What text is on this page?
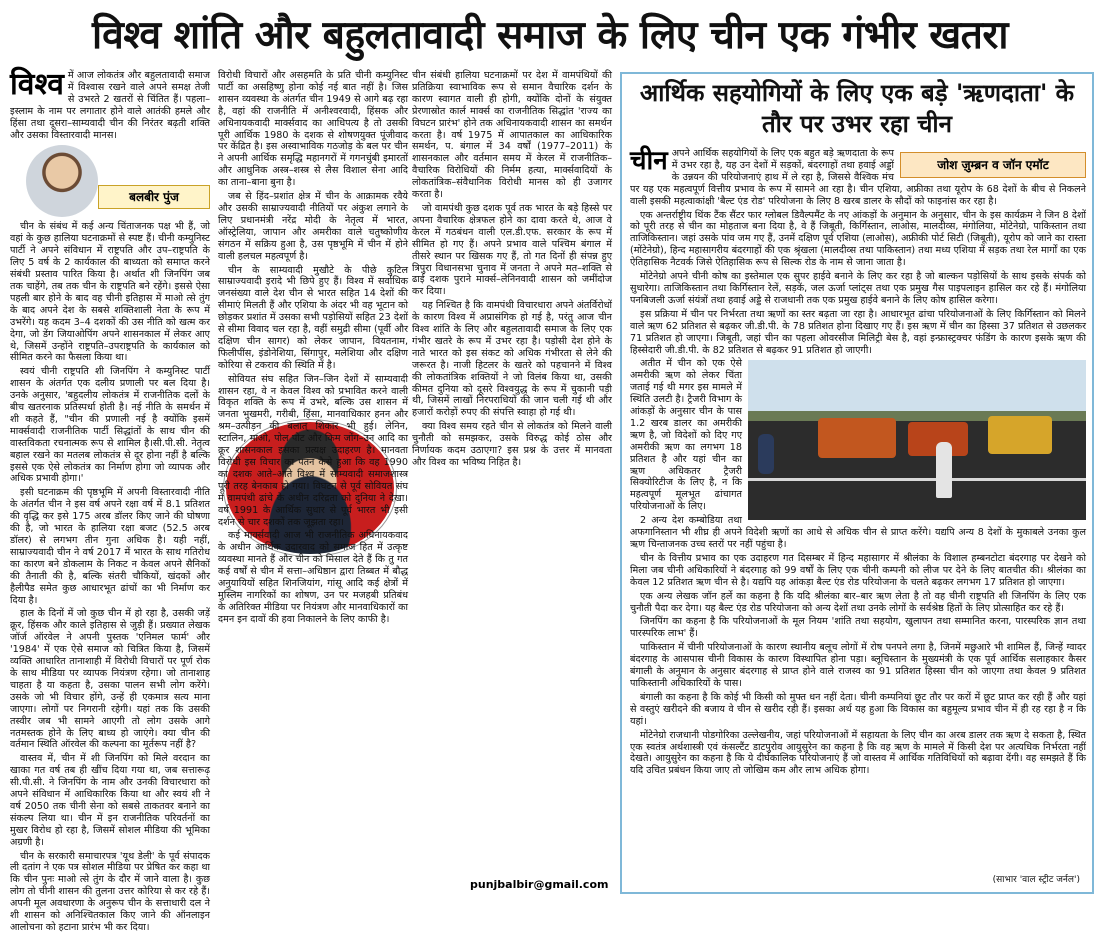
विश्व शांति और बहुलतावादी समाज के लिए चीन एक गंभीर खतरा
विश्व में आज लोकतंत्र और बहुलतावादी समाज में विश्वास रखने वाले अपने समक्ष तेजी से उभरते 2 खतरों से चिंतित हैं। पहला– इस्लाम के नाम पर लगातार होने वाले आतंकी हमले और हिंसा तथा दूसरा–साम्यवादी चीन की निरंतर बढ़ती शक्ति और उसका विस्तारवादी मानस।

बलबीर पुंज

चीन के संबंध में कई अन्य चिंताजनक पक्ष भी हैं, जो वहां के कुछ हालिया घटनाक्रमों से स्पष्ट हैं। चीनी कम्युनिस्ट पार्टी ने अपने संविधान में राष्ट्रपति और उप–राष्ट्रपति के लिए 5 वर्ष के 2 कार्यकाल की बाध्यता को समाप्त करने संबंधी प्रस्ताव पारित किया है। अर्थात शी जिनपिंग जब तक चाहेंगे, तब तक चीन के राष्ट्रपति बने रहेंगे। इससे ऐसा पहली बार होने के बाद वह चीनी इतिहास में माओ त्से तुंग के बाद अपने देश के सबसे शक्तिशाली नेता के रूप में उभरेंगे। यह कदम 3–4 दशकों की उस नीति को खत्म कर देगा, जो डेंग जियाओपिंग अपने शासनकाल में लेकर आए थे, जिसमें उन्होंने राष्ट्रपति–उपराष्ट्रपति के कार्यकाल को सीमित करने का फैसला किया था।

स्वयं चीनी राष्ट्रपति शी जिनपिंग ने कम्युनिस्ट पार्टी शासन के अंतर्गत एक दलीय प्रणाली पर बल दिया है। उनके अनुसार, 'बहुदलीय लोकतंत्र में राजनीतिक दलों के बीच खतरनाक प्रतिस्पर्धा होती है। नई नीति के समर्थन में शी कहते हैं, "चीन की प्रणाली नई है क्योंकि इसमें मार्क्सवादी राजनीतिक पार्टी सिद्धांतों के साथ चीन की वास्तविकता रचनात्मक रूप से शामिल है।सी.पी.सी. नेतृत्व बहाल रखने का मतलब लोकतंत्र से दूर होना नहीं है बल्कि इससे एक ऐसे लोकतंत्र का निर्माण होगा जो व्यापक और अधिक प्रभावी होगा।'

इसी घटनाक्रम की पृष्ठभूमि में अपनी विस्तारवादी नीति के अंतर्गत चीन ने इस वर्ष अपने रक्षा वर्ष में 8.1 प्रतिशत की वृद्धि कर इसे 175 अरब डॉलर किए जाने की घोषणा की है, जो भारत के हालिया रक्षा बजट (52.5 अरब डॉलर) से लगभग तीन गुना अधिक है। यही नहीं, साम्राज्यवादी चीन ने वर्ष 2017 में भारत के साथ गतिरोध का कारण बने डोकलाम के निकट न केवल अपने सैनिकों की तैनाती की है, बल्कि संतरी चौकियों, खंदकों और हैलीपैड समेत कुछ आधारभूत ढांचों का भी निर्माण कर दिया है।

हाल के दिनों में जो कुछ चीन में हो रहा है, उसकी जड़ें क्रूर, हिंसक और काले इतिहास से जुड़ी हैं। प्रख्यात लेखक जॉर्ज ऑरवेल ने अपनी पुस्तक 'एनिमल फार्म' और '1984' में एक ऐसे समाज को चित्रित किया है, जिसमें व्यक्ति आधारित तानाशाही में विरोधी विचारों पर पूर्ण रोक के साथ मीडिया पर व्यापक नियंत्रण रहेगा। जो तानाशाह चाहता है या कहता है, उसका पालन सभी लोग करेंगे। उसके जो भी विचार होंगे, उन्हें ही एकमात्र सत्य माना जाएगा। लोगों पर निगरानी रहेगी। यहां तक कि उसकी तस्वीर जब भी सामने आएगी तो लोग उसके आगे नतमस्तक होने के लिए बाध्य हो जाएंगे। क्या चीन की वर्तमान स्थिति ऑरवेल की कल्पना का मूर्तरूप नहीं है?

वास्तव में, चीन में शी जिनपिंग को मिले वरदान का खाका गत वर्ष तब ही खींच दिया गया था, जब सत्तारूढ़ सी.पी.सी. ने जिनपिंग के नाम और उनकी विचारधारा को अपने संविधान में आधिकारिक किया था और स्वयं शी ने वर्ष 2050 तक चीनी सेना को सबसे ताकतवर बनाने का संकल्प लिया था। चीन में इन राजनीतिक परिवर्तनों का मुखर विरोध हो रहा है, जिसमें सोशल मीडिया की भूमिका अग्रणी है।

चीन के सरकारी समाचारपत्र 'यूथ डेली' के पूर्व संपादक ली दतांग ने एक पत्र सोशल मीडिया पर प्रेषित कर कहा था कि चीन पुनः माओ त्से तुंग के दौर में जाने वाला है। कुछ लोग तो चीनी शासन की तुलना उत्तर कोरिया से कर रहे हैं। अपनी मूल अवधारणा के अनुरूप चीन के सत्ताधारी दल ने शी शासन को अनिश्चितकाल किए जाने की ऑनलाइन आलोचना को हटाना प्रारंभ भी कर दिया।

विरोधी विचारों और असहमति के प्रति चीनी कम्युनिस्ट पार्टी का असहिष्णु होना कोई नई बात नहीं है। जिस शासन व्यवस्था के अंतर्गत चीन 1949 से आगे बढ़ रहा है, वहां की राजनीति में अनीश्वरवादी, हिंसक और अधिनायकवादी मार्क्सवाद का आधिपत्य है तो उसकी पूरी आर्थिक 1980 के दशक से शोषणयुक्त पूंजीवाद पर केंद्रित है। इस अस्वाभाविक गठजोड़ के बल पर चीन ने अपनी आर्थिक समृद्धि महानगरों में गगनचुंबी इमारतों और आधुनिक अस्त्र–शस्त्र से लैस विशाल सेना आदि का ताना–बाना बुना है।

जब से हिंद–प्रशांत क्षेत्र में चीन के आक्रामक रवैये और उसकी साम्राज्यवादी नीतियों पर अंकुश लगाने के लिए प्रधानमंत्री नरेंद्र मोदी के नेतृत्व में भारत, ऑस्ट्रेलिया, जापान और अमरीका वाले चतुष्कोणीय संगठन में सक्रिय हुआ है, उस पृष्ठभूमि में चीन में होने वाली हलचल महत्वपूर्ण है।

चीन के साम्यवादी मुखौटे के पीछे कुटिल साम्राज्यवादी इरादे भी छिपे हुए हैं। विश्व में सर्वाधिक जनसंख्या वाले देश चीन से भारत सहित 14 देशों की सीमाएं मिलती हैं और एशिया के अंदर भी वह भूटान को छोड़कर प्रशांत में उसका सभी पड़ोसियों सहित 23 देशों से सीमा विवाद चल रहा है, वहीं समुद्री सीमा (पूर्वी और दक्षिण चीन सागर) को लेकर जापान, वियतनाम, फिलीपींस, इंडोनेशिया, सिंगापुर, मलेशिया और दक्षिण कोरिया से टकराव की स्थिति में है।

सोवियत संघ सहित जिन–जिन देशों में साम्यवादी शासन रहा, वे न केवल विश्व को प्रभावित करने वाली विकृत शक्ति के रूप में उभरे, बल्कि उस शासन में जनता भुखमरी, गरीबी, हिंसा, मानवाधिकार हनन और श्रम–उत्पीड़न की बलात् शिकार भी हुई। लेनिन, स्टालिन, माओ, पोल पोट और किम जोंग–उन आदि का क्रूर शासनकाल इसका प्रत्यक्ष उदाहरण है। मानवता विरोधी इस विचार का पतन कैसे हुआ कि वह 1990 का दशक आते–आते विश्व में साम्यवादी समाजशास्त्र पूरी तरह बेनकाब हो गया। विघटन से पूर्व सोवियत संघ में वामपंथी ढांचे के अधीन दरिद्रता को दुनिया ने देखा। वर्ष 1991 के आर्थिक सुधार से पूर्व भारत भी इसी दर्शन से चार दशकों तक जूझता रहा।

कई मार्क्सवादी आज भी राजनीतिक अधिनायकवाद के अधीन आर्थिक उदारवाद को समाज हित में उत्कृष्ट व्यवस्था मानते हैं और चीन को मिसाल देते हैं कि तु गत कई वर्षों से चीन में सत्ता–अधिष्ठान द्वारा तिब्बत में बौद्ध अनुयायियों सहित शिनजियांग, गांसू आदि कई क्षेत्रों में मुस्लिम नागरिकों का शोषण, उन पर मजहबी प्रतिबंध के अतिरिक्त मीडिया पर नियंत्रण और मानवाधिकारों का दमन इन दावों की हवा निकालने के लिए काफी है।

चीन संबंधी हालिया घटनाक्रमों पर देश में वामपंथियों की प्रतिक्रिया स्वाभाविक रूप से समान वैचारिक दर्शन के कारण स्वागत वाली ही होगी, क्योंकि दोनों के संयुक्त प्रेरणास्रोत कार्ल मार्क्स का राजनीतिक सिद्धांत 'राज्य का विघटन प्रारंभ' होने तक अधिनायकवादी शासन का समर्थन करता है। वर्ष 1975 में आपातकाल का आधिकारिक समर्थन, प. बंगाल में 34 वर्षों (1977–2011) के शासनकाल और वर्तमान समय में केरल में राजनीतिक–वैचारिक विरोधियों की निर्मम हत्या, मार्क्सवादियों के लोकतांत्रिक–संवैधानिक विरोधी मानस को ही उजागर करता है।

जो वामपंथी कुछ दशक पूर्व तक भारत के बड़े हिस्से पर अपना वैचारिक क्षेत्रफल होने का दावा करते थे, आज वे केरल में गठबंधन वाली एल.डी.एफ. सरकार के रूप में सीमित हो गए हैं। अपने प्रभाव वाले पश्चिम बंगाल में तीसरे स्थान पर खिसक गए हैं, तो गत दिनों ही संपन्न हुए त्रिपुरा विधानसभा चुनाव में जनता ने अपने मत–शक्ति से ढाई दशक पुराने मार्क्स–लेनिनवादी शासन को जमींदोज कर दिया।

यह निश्चित है कि वामपंथी विचारधारा अपने अंतर्विरोधों के कारण विश्व में अप्रासंगिक हो गई है, परंतु आज चीन विश्व शांति के लिए और बहुलतावादी समाज के लिए एक गंभीर खतरे के रूप में उभर रहा है। पड़ोसी देश होने के नाते भारत को इस संकट को अधिक गंभीरता से लेने की जरूरत है। नाजी हिटलर के खतरे को पहचानने में विश्व की लोकतांत्रिक शक्तियों ने जो विलंब किया था, उसकी कीमत दुनिया को दूसरे विश्वयुद्ध के रूप में चुकानी पड़ी थी, जिसमें लाखों निरपराधियों की जान चली गई थी और हजारों करोड़ों रुपए की संपत्ति स्वाहा हो गई थी।

क्या विश्व समय रहते चीन से लोकतंत्र को मिलने वाली चुनौती को समझकर, उसके विरुद्ध कोई ठोस और निर्णायक कदम उठाएगा? इस प्रश्न के उत्तर में मानवता और विश्व का भविष्य निहित है।

punjbalbir@gmail.com
आर्थिक सहयोगियों के लिए एक बड़े 'ऋणदाता' के तौर पर उभर रहा चीन
चीन	जोश ज़ुम्ब्रन व जॉन एमॉट

अपने आर्थिक सहयोगियों के लिए एक बहुत बड़े ऋणदाता के रूप में उभर रहा है, यह उन देशों में सड़कों, बंदरगाहों तथा हवाई अड्डों के उन्नयन की परियोजनाएं हाथ में ले रहा है, जिससे वैश्विक मंच पर यह एक महत्वपूर्ण वित्तीय प्रभाव के रूप में सामने आ रहा है। चीन एशिया, अफ्रीका तथा यूरोप के 68 देशों के बीच से निकलने वाली इसकी महत्वाकांक्षी 'बैल्ट एंड रोड' परियोजना के लिए 8 खरब डालर के सौदों को फाइनांस कर रहा है।

एक अन्तर्राष्ट्रीय थिंक टैंक सैंटर फार ग्लोबल डिवैल्पमैंट के नए आंकड़ों के अनुमान के अनुसार, चीन के इस कार्यक्रम ने जिन 8 देशों को पूरी तरह से चीन का मोहताज बना दिया है, वे हैं जिबूती, किर्गिस्तान, लाओस, मालदीव्स, मंगोलिया, मोंटेनेग्रो, पाकिस्तान तथा ताजिकिस्तान। जहां उसके पांव जम गए हैं, उनमें दक्षिण पूर्व एशिया (लाओस), अफ्रीकी पोर्ट सिटी (जिबूती), यूरोप को जाने का रास्ता (मोंटेनेग्रो), हिन्द महासागरीय बंदरगाहों की एक श्रृंखला (मालदीव्स तथा पाकिस्तान) तथा मध्य एशिया में सड़क तथा रेल मार्गों का एक ऐतिहासिक नैटवर्क जिसे ऐतिहासिक रूप से सिल्क रोड के नाम से जाना जाता है।

मोंटेनेग्रो अपने चीनी कोष का इस्तेमाल एक सुपर हाईवे बनाने के लिए कर रहा है जो बाल्कन पड़ोसियों के साथ इसके संपर्क को सुधारेगा। ताजिकिस्तान तथा किर्गिस्तान रेलें, सड़कें, जल ऊर्जा प्लांट्स तथा एक प्रमुख गैस पाइपलाइन हासिल कर रहे हैं। मंगोलिया पनबिजली ऊर्जा संयंत्रों तथा हवाई अड्डे से राजधानी तक एक प्रमुख हाईवे बनाने के लिए कोष हासिल करेगा।

इस प्रक्रिया में चीन पर निर्भरता तथा ऋणों का स्तर बढ़ता जा रहा है। आधारभूत ढांचा परियोजनाओं के लिए किर्गिस्तान को मिलने वाले ऋण 62 प्रतिशत से बढ़कर जी.डी.पी. के 78 प्रतिशत होना दिखाए गए हैं। इस ऋण में चीन का हिस्सा 37 प्रतिशत से उछलकर 71 प्रतिशत हो जाएगा। जिबूती, जहां चीन का पहला ओवरसीज मिलिट्री बेस है, वहां इन्फ्रास्ट्रक्चर फंडिंग के कारण इसके ऋण की हिस्सेदारी जी.डी.पी. के 82 प्रतिशत से बढ़कर 91 प्रतिशत हो जाएगी।

अतीत में चीन को एक ऐसे अमरीकी ऋण को लेकर चिंता जताई गई थी मगर इस मामले में स्थिति उलटी है। ट्रैजरी विभाग के आंकड़ों के अनुसार चीन के पास 1.2 खरब डालर का अमरीकी ऋण है, जो विदेशों को दिए गए अमरीकी ऋण का लगभग 18 प्रतिशत है और यहां चीन का ऋण अधिकतर ट्रैजरी सिक्योरिटीज के लिए है, न कि महत्वपूर्ण मूलभूत ढांचागत परियोजनाओं के लिए।

2 अन्य देश कम्बोडिया तथा अफगानिस्तान भी शीघ्र ही अपने विदेशी ऋणों का आधे से अधिक चीन से प्राप्त करेंगे। यद्यपि अन्य 8 देशों के मुकाबले उनका कुल ऋण चिन्ताजनक उच्च स्तरों पर नहीं पहुंचा है।

चीन के वित्तीय प्रभाव का एक उदाहरण गत दिसम्बर में हिन्द महासागर में श्रीलंका के विशाल हम्बनटोटा बंदरगाह पर देखने को मिला जब चीनी अधिकारियों ने बंदरगाह को 99 वर्षों के लिए एक चीनी कम्पनी को लीज पर देने के लिए बातचीत की। श्रीलंका का केवल 12 प्रतिशत ऋण चीन से है। यद्यपि यह आंकड़ा बैल्ट एंड रोड परियोजना के चलते बढ़कर लगभग 17 प्रतिशत हो जाएगा।

एक अन्य लेखक जॉन हर्ले का कहना है कि यदि श्रीलंका बार–बार ऋण लेता है तो वह चीनी राष्ट्रपति शी जिनपिंग के लिए एक चुनौती पैदा कर देगा। यह बैल्ट एंड रोड परियोजना को अन्य देशों तथा उनके लोगों के सर्वश्रेष्ठ हितों के लिए प्रोत्साहित कर रहे हैं।

जिनपिंग का कहना है कि परियोजनाओं के मूल नियम 'शांति तथा सहयोग, खुलापन तथा सम्मानित करना, पारस्परिक ज्ञान तथा पारस्परिक लाभ' हैं।

पाकिस्तान में चीनी परियोजनाओं के कारण स्थानीय बलूच लोगों में रोष पनपने लगा है, जिनमें मछुआरे भी शामिल हैं, जिन्हें ग्वादर बंदरगाह के आसपास चीनी विकास के कारण विस्थापित होना पड़ा। ब्लूचिस्तान के मुख्यमंत्री के एक पूर्व आर्थिक सलाहकार कैसर बंगाली के अनुमान के अनुसार बंदरगाह से प्राप्त होने वाले राजस्व का 91 प्रतिशत हिस्सा चीन को जाएगा तथा केवल 9 प्रतिशत पाकिस्तानी अधिकारियों के पास।

बंगाली का कहना है कि कोई भी किसी को मुफ्त धन नहीं देता। चीनी कम्पनियां छूट तौर पर करों में छूट प्राप्त कर रही हैं और यहां से वस्तुएं खरीदने की बजाय वे चीन से खरीद रही हैं। इसका अर्थ यह हुआ कि विकास का बहुमूल्य प्रभाव चीन में ही रह रहा है न कि यहां।

मोंटेनेग्रो राजधानी पोडगोरिका उल्लेखनीय, जहां परियोजनाओं में सहायता के लिए चीन का अरब डालर तक ऋण दे सकता है, स्थित एक स्वतंत्र अर्थशास्त्री एवं कंसल्टैंट डाटपुरोव आयुसुरेन का कहना है कि वह ऋण के मामले में किसी देश पर अत्यधिक निर्भरता नहीं देखते। आयुसुरेन का कहना है कि ये दीर्घकालिक परियोजनाएं हैं जो वास्तव में आर्थिक गतिविधियों को बढ़ावा देंगी। वह समझते हैं कि यदि उचित प्रबंधन किया जाए तो जोखिम कम और लाभ अधिक होगा।

(साभार 'वाल स्ट्रीट जर्नल')
